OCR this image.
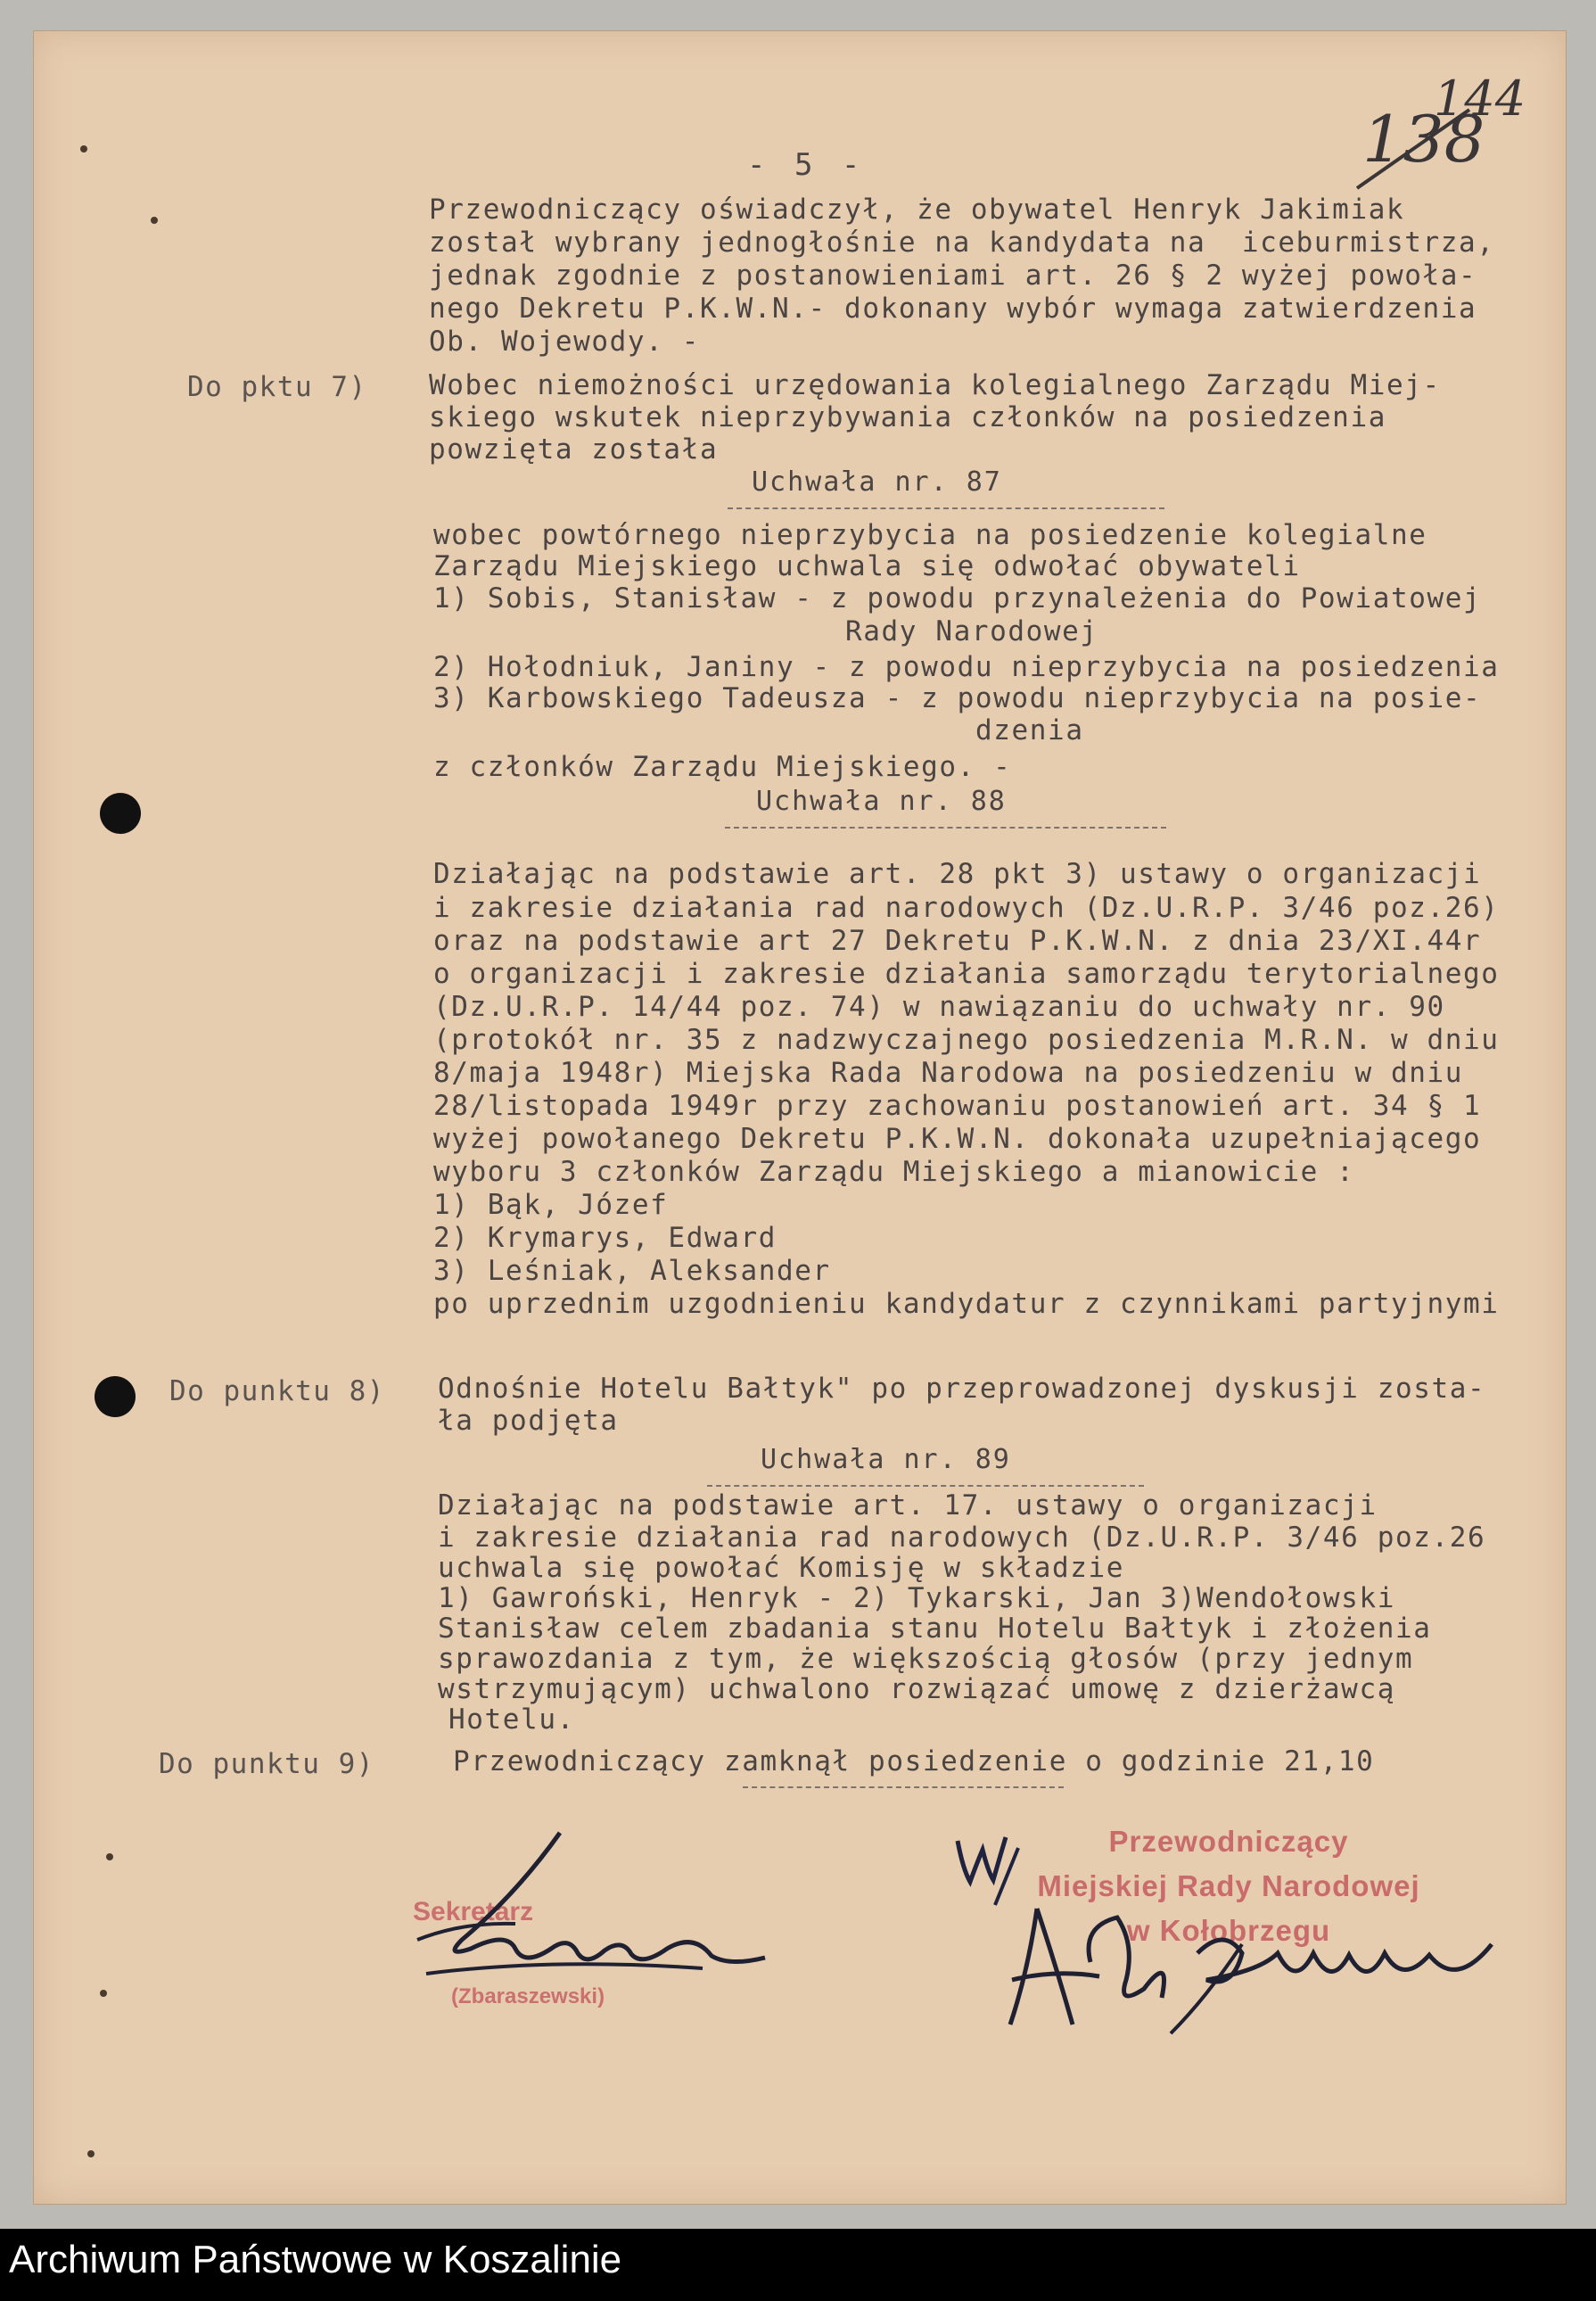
138
144
- 5 -
Przewodniczący oświadczył, że obywatel Henryk Jakimiak
został wybrany jednogłośnie na kandydata na  iceburmistrza,
jednak zgodnie z postanowieniami art. 26 § 2 wyżej powoła-
nego Dekretu P.K.W.N.- dokonany wybór wymaga zatwierdzenia
Ob. Wojewody. -
Do pktu 7) Wobec niemożności urzędowania kolegialnego Zarządu Miej-
skiego wskutek nieprzybywania członków na posiedzenia
powzięta została
Uchwała nr. 87
wobec powtórnego nieprzybycia na posiedzenie kolegialne
Zarządu Miejskiego uchwala się odwołać obywateli
1) Sobis, Stanisław - z powodu przynależenia do Powiatowej
Rady Narodowej
2) Hołodniuk, Janiny - z powodu nieprzybycia na posiedzenia
3) Karbowskiego Tadeusza - z powodu nieprzybycia na posie-
dzenia
z członków Zarządu Miejskiego. -
Uchwała nr. 88
Działając na podstawie art. 28 pkt 3) ustawy o organizacji
i zakresie działania rad narodowych (Dz.U.R.P. 3/46 poz.26)
oraz na podstawie art 27 Dekretu P.K.W.N. z dnia 23/XI.44r
o organizacji i zakresie działania samorządu terytorialnego
(Dz.U.R.P. 14/44 poz. 74) w nawiązaniu do uchwały nr. 90
(protokół nr. 35 z nadzwyczajnego posiedzenia M.R.N. w dniu
8/maja 1948r) Miejska Rada Narodowa na posiedzeniu w dniu
28/listopada 1949r przy zachowaniu postanowień art. 34 § 1
wyżej powołanego Dekretu P.K.W.N. dokonała uzupełniającego
wyboru 3 członków Zarządu Miejskiego a mianowicie :
1) Bąk, Józef
2) Krymarys, Edward
3) Leśniak, Aleksander
po uprzednim uzgodnieniu kandydatur z czynnikami partyjnymi
Do punktu 8) Odnośnie Hotelu Bałtyk" po przeprowadzonej dyskusji zosta-
ła podjęta
Uchwała nr. 89
Działając na podstawie art. 17. ustawy o organizacji
i zakresie działania rad narodowych (Dz.U.R.P. 3/46 poz.26
uchwala się powołać Komisję w składzie
1) Gawroński, Henryk - 2) Tykarski, Jan 3)Wendołowski
Stanisław celem zbadania stanu Hotelu Bałtyk i złożenia
sprawozdania z tym, że większością głosów (przy jednym
wstrzymującym) uchwalono rozwiązać umowę z dzierżawcą
Hotelu.
Do punktu 9)	Przewodniczący zamknął posiedzenie o godzinie 21,10
Przewodniczący
Miejskiej Rady Narodowej
w Kołobrzegu
Sekretarz
(Zbaraszewski)
Archiwum Państwowe w Koszalinie
